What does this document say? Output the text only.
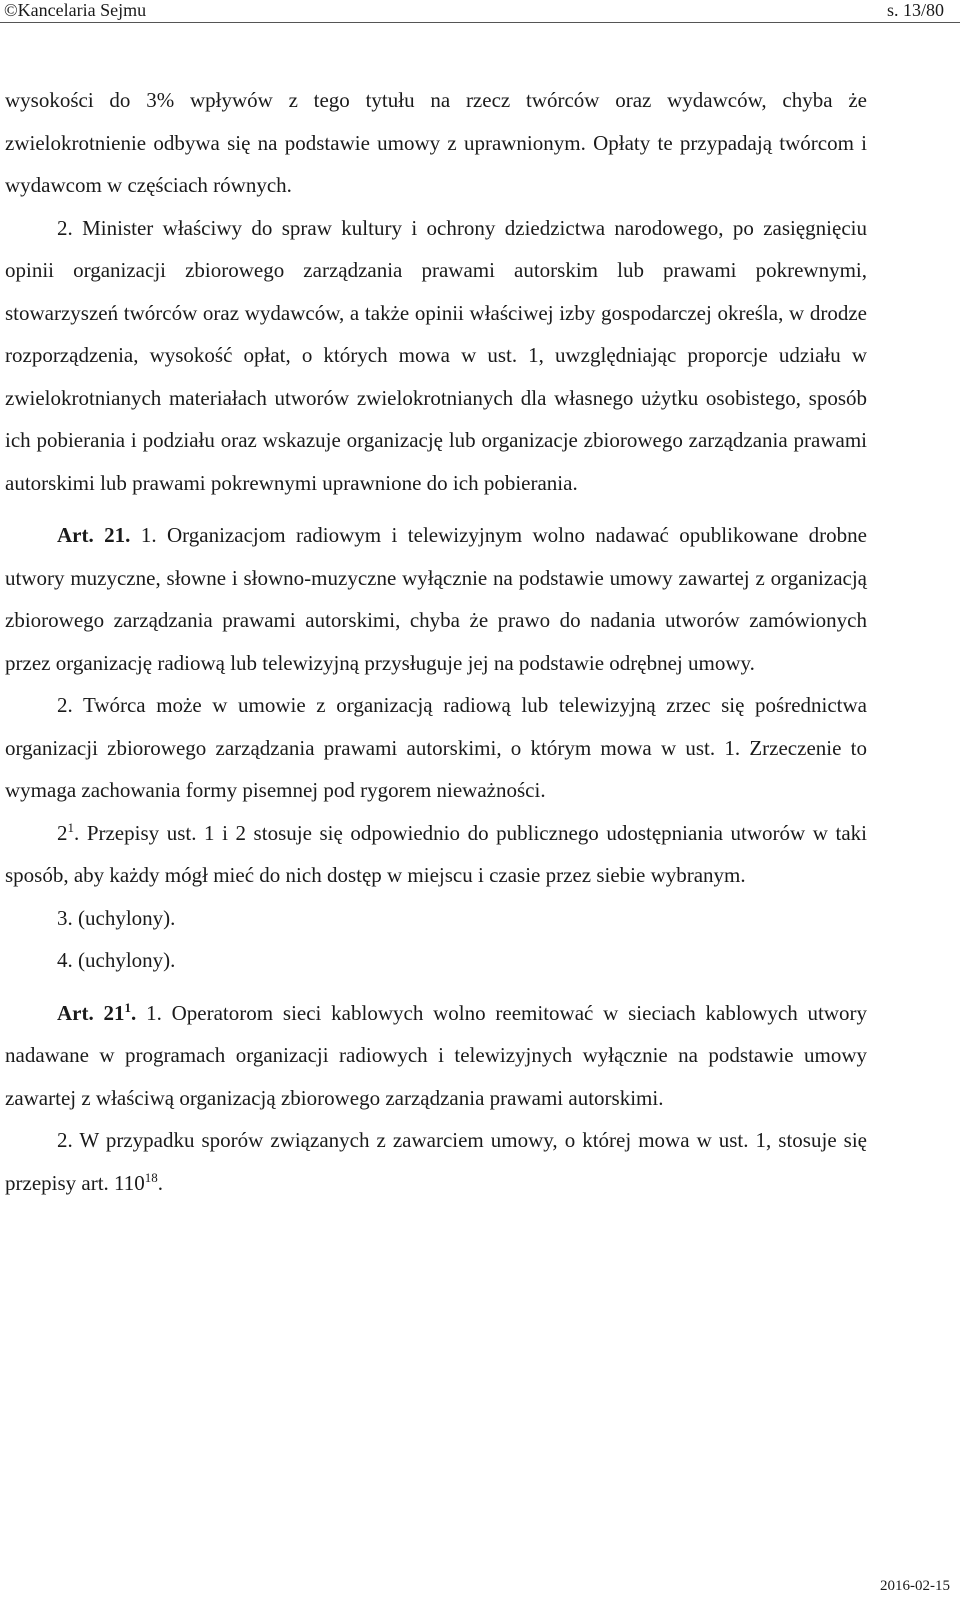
©Kancelaria Sejmu	s. 13/80

wysokości do 3% wpływów z tego tytułu na rzecz twórców oraz wydawców, chyba że zwielokrotnienie odbywa się na podstawie umowy z uprawnionym. Opłaty te przypadają twórcom i wydawcom w częściach równych.

2. Minister właściwy do spraw kultury i ochrony dziedzictwa narodowego, po zasięgnięciu opinii organizacji zbiorowego zarządzania prawami autorskim lub prawami pokrewnymi, stowarzyszeń twórców oraz wydawców, a także opinii właściwej izby gospodarczej określa, w drodze rozporządzenia, wysokość opłat, o których mowa w ust. 1, uwzględniając proporcje udziału w zwielokrotnianych materiałach utworów zwielokrotnianych dla własnego użytku osobistego, sposób ich pobierania i podziału oraz wskazuje organizację lub organizacje zbiorowego zarządzania prawami autorskimi lub prawami pokrewnymi uprawnione do ich pobierania.

Art. 21. 1. Organizacjom radiowym i telewizyjnym wolno nadawać opublikowane drobne utwory muzyczne, słowne i słowno-muzyczne wyłącznie na podstawie umowy zawartej z organizacją zbiorowego zarządzania prawami autorskimi, chyba że prawo do nadania utworów zamówionych przez organizację radiową lub telewizyjną przysługuje jej na podstawie odrębnej umowy.

2. Twórca może w umowie z organizacją radiową lub telewizyjną zrzec się pośrednictwa organizacji zbiorowego zarządzania prawami autorskimi, o którym mowa w ust. 1. Zrzeczenie to wymaga zachowania formy pisemnej pod rygorem nieważności.

$2^1$. Przepisy ust. 1 i 2 stosuje się odpowiednio do publicznego udostępniania utworów w taki sposób, aby każdy mógł mieć do nich dostęp w miejscu i czasie przez siebie wybranym.

3. (uchylony).

4. (uchylony).

Art. $21^1$. 1. Operatorom sieci kablowych wolno reemitować w sieciach kablowych utwory nadawane w programach organizacji radiowych i telewizyjnych wyłącznie na podstawie umowy zawartej z właściwą organizacją zbiorowego zarządzania prawami autorskimi.

2. W przypadku sporów związanych z zawarciem umowy, o której mowa w ust. 1, stosuje się przepisy art. $110^{18}$.

2016-02-15
